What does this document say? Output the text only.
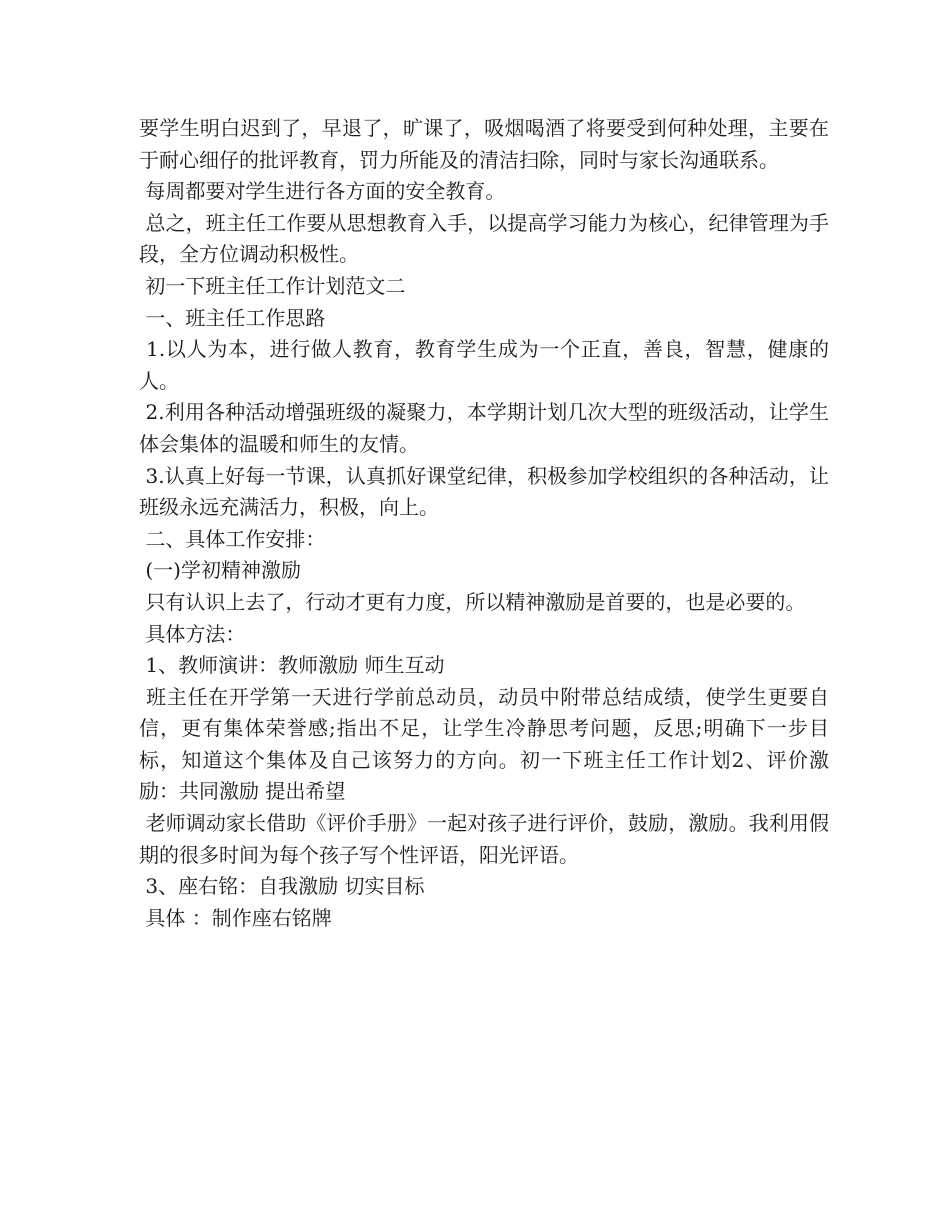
要学生明白迟到了，早退了，旷课了，吸烟喝酒了将要受到何种处理，主要在于耐心细仔的批评教育，罚力所能及的清洁扫除，同时与家长沟通联系。

每周都要对学生进行各方面的安全教育。

总之，班主任工作要从思想教育入手，以提高学习能力为核心，纪律管理为手段，全方位调动积极性。

初一下班主任工作计划范文二

一、班主任工作思路

1.以人为本，进行做人教育，教育学生成为一个正直，善良，智慧，健康的人。

2.利用各种活动增强班级的凝聚力，本学期计划几次大型的班级活动，让学生体会集体的温暖和师生的友情。

3.认真上好每一节课，认真抓好课堂纪律，积极参加学校组织的各种活动，让班级永远充满活力，积极，向上。

二、具体工作安排：

(一)学初精神激励

只有认识上去了，行动才更有力度，所以精神激励是首要的，也是必要的。

具体方法：

1、教师演讲：教师激励 师生互动

班主任在开学第一天进行学前总动员，动员中附带总结成绩，使学生更要自信，更有集体荣誉感;指出不足，让学生冷静思考问题，反思;明确下一步目标，知道这个集体及自己该努力的方向。初一下班主任工作计划2、评价激励：共同激励 提出希望

老师调动家长借助《评价手册》一起对孩子进行评价，鼓励，激励。我利用假期的很多时间为每个孩子写个性评语，阳光评语。

3、座右铭：自我激励 切实目标

具体 ：制作座右铭牌
